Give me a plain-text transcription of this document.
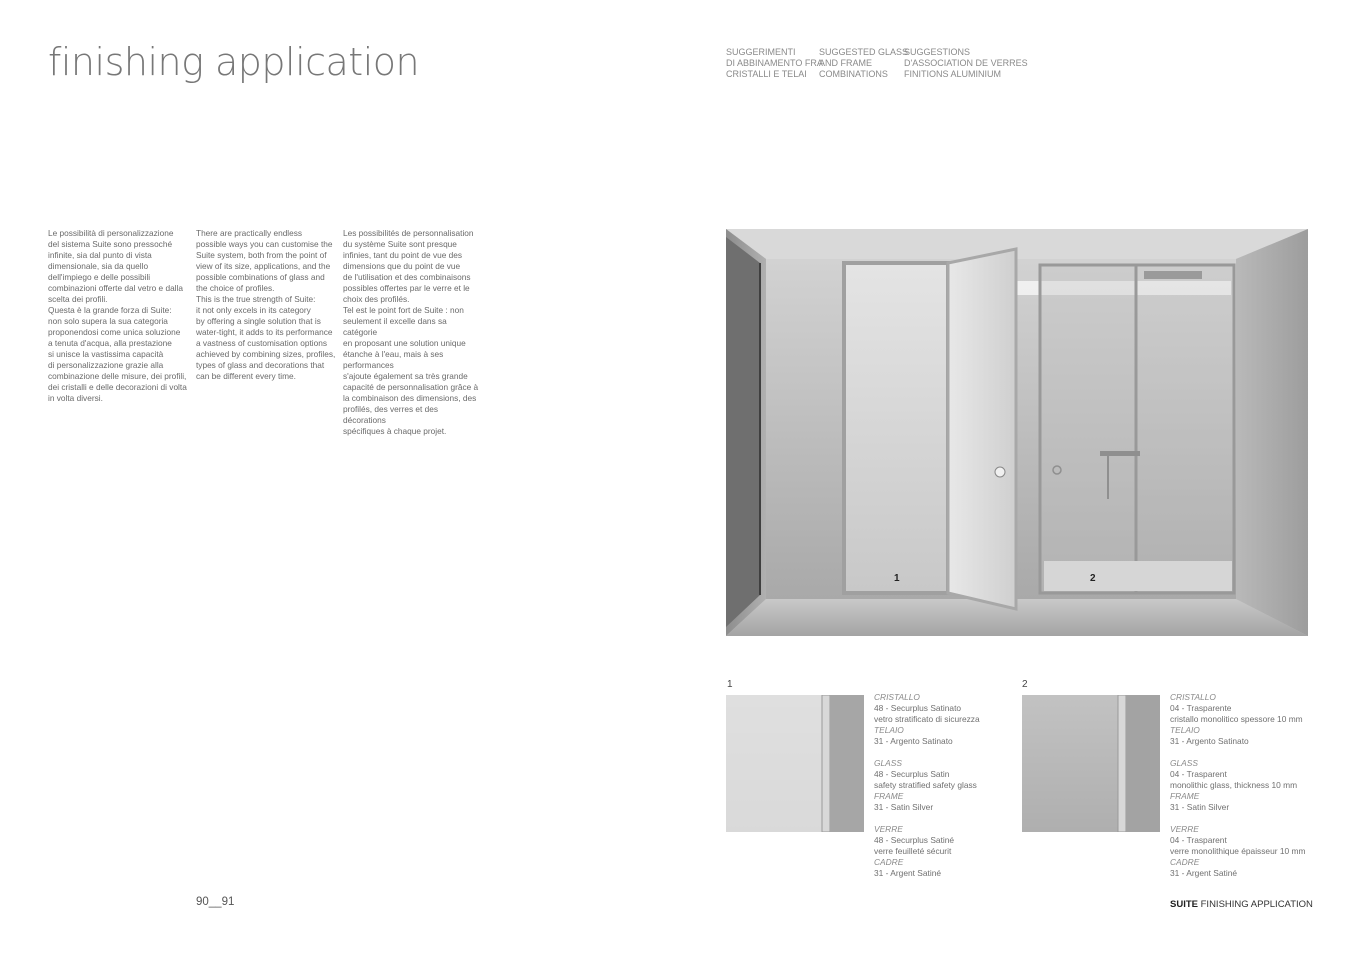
finishing application	SUGGERIMENTI
DI ABBINAMENTO FRA
CRISTALLI E TELAI
SUGGESTED GLASS
AND FRAME
COMBINATIONS
SUGGESTIONS
D'ASSOCIATION DE VERRES
FINITIONS ALUMINIUM
Le possibilità di personalizzazione
del sistema Suite sono pressoché
infinite, sia dal punto di vista
dimensionale, sia da quello
dell'impiego e delle possibili
combinazioni offerte dal vetro e dalla
scelta dei profili.
Questa è la grande forza di Suite:
non solo supera la sua categoria
proponendosi come unica soluzione
a tenuta d'acqua, alla prestazione
si unisce la vastissima capacità
di personalizzazione grazie alla
combinazione delle misure, dei profili,
dei cristalli e delle decorazioni di volta
in volta diversi.
There are practically endless
possible ways you can customise the
Suite system, both from the point of
view of its size, applications, and the
possible combinations of glass and
the choice of profiles.
This is the true strength of Suite:
it not only excels in its category
by offering a single solution that is
water-tight, it adds to its performance
a vastness of customisation options
achieved by combining sizes, profiles,
types of glass and decorations that
can be different every time.
Les possibilités de personnalisation
du système Suite sont presque
infinies, tant du point de vue des
dimensions que du point de vue
de l'utilisation et des combinaisons
possibles offertes par le verre et le
choix des profilés.
Tel est le point fort de Suite : non
seulement il excelle dans sa catégorie
en proposant une solution unique
étanche à l'eau, mais à ses performances
s'ajoute également sa très grande
capacité de personnalisation grâce à
la combinaison des dimensions, des
profilés, des verres et des décorations
spécifiques à chaque projet.
1	2
1
CRISTALLO
48 - Securplus Satinato
vetro stratificato di sicurezza
TELAIO
31 - Argento Satinato
GLASS
48 - Securplus Satin
safety stratified safety glass
FRAME
31 - Satin Silver
VERRE
48 - Securplus Satiné
verre feuilleté sécurit
CADRE
31 - Argent Satiné
2
CRISTALLO
04 - Trasparente
cristallo monolitico spessore 10 mm
TELAIO
31 - Argento Satinato
GLASS
04 - Trasparent
monolithic glass, thickness 10 mm
FRAME
31 - Satin Silver
VERRE
04 - Trasparent
verre monolithique épaisseur 10 mm
CADRE
31 - Argent Satiné
90__91	SUITE FINISHING APPLICATION
